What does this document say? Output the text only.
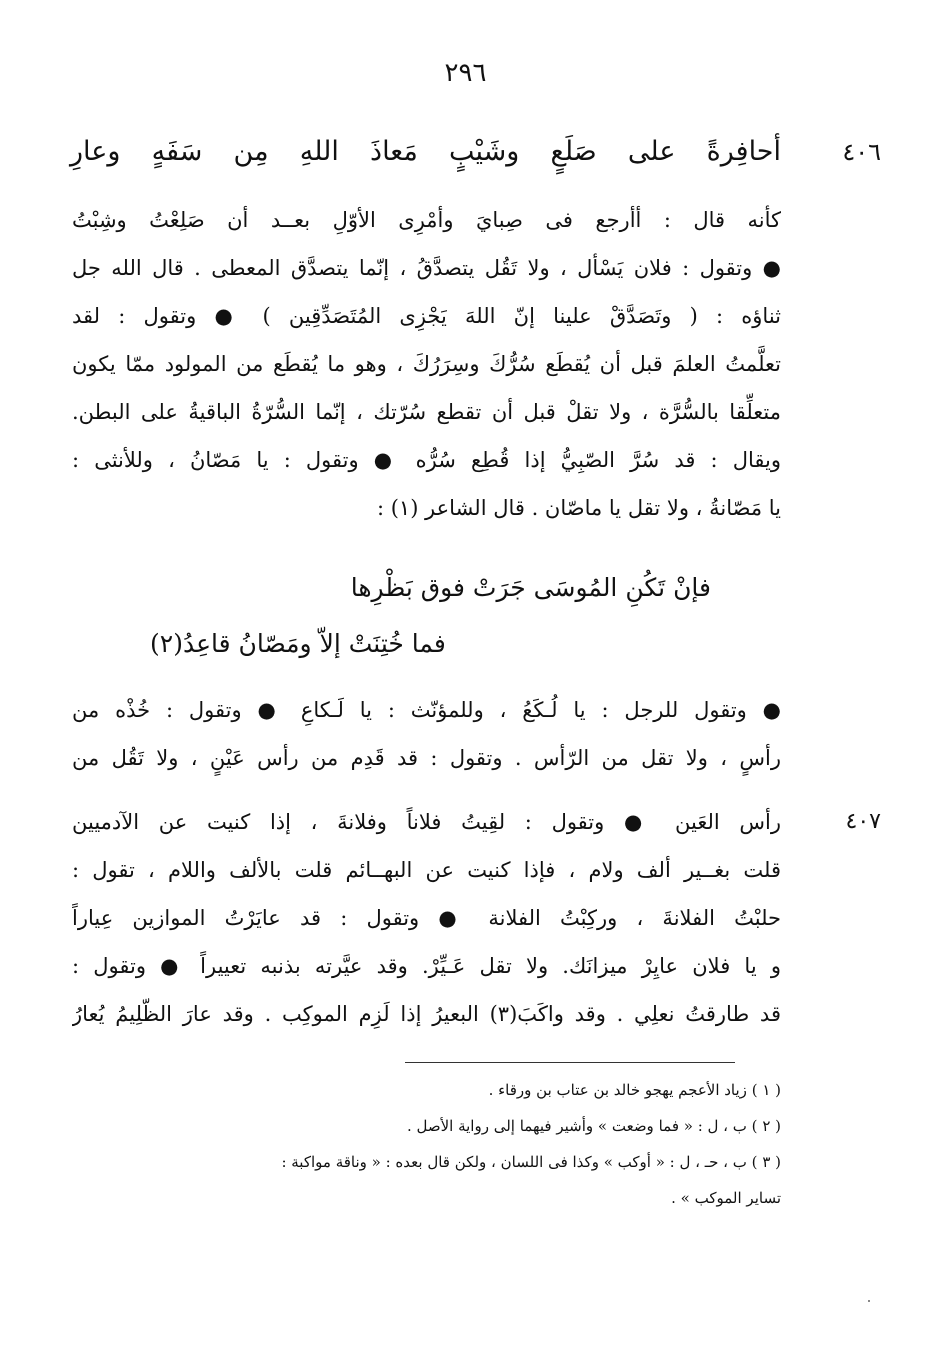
٢٩٦
٤٠٦
أحافِرةً على صَلَعٍ وشَيْبٍ مَعاذَ اللهِ مِن سَفَهٍ وعارِ
كأنه قال : أأرجع فى صِبايَ وأمْرِى الأوّلِ بعــد أن صَلِعْتُ وشِبْتُ
● وتقول : فلان يَسْأل ، ولا تَقُل يتصدَّقُ ، إنّما يتصدَّق المعطى . قال الله جل
ثناؤه : ( وتَصَدَّقْ علينا إنّ اللهَ يَجْزِى المُتَصَدِّقِين ) ● وتقول : لقد
تعلَّمتُ العلمَ قبل أن يُقطَع سُرُّكَ وسِرَرُكَ ، وهو ما يُقطَع من المولود ممّا يكون
متعلِّقا بالسُّرَّة ، ولا تقلْ قبل أن تقطع سُرّتك ، إنّما السُّرّةُ الباقيةُ على البطن.
ويقال : قد سُرَّ الصّبِيُّ إذا قُطِع سُرُّه ● وتقول : يا مَصّانُ ، وللأنثى :
يا مَصّانةُ ، ولا تقل يا ماصّان . قال الشاعر (١) :
فإنْ تَكُنِ المُوسَى جَرَتْ فوق بَظْرِها
فما خُتِنَتْ إلاّ ومَصّانُ قاعِدُ(٢)
● وتقول للرجل : يا لُـكَعُ ، وللمؤنّث : يا لَـكاعِ ● وتقول : خُذْه من
رأسٍ ، ولا تقل من الرّأس . وتقول : قد قَدِم من رأس عَيْنٍ ، ولا تَقُل من
٤٠٧
رأس العَين ● وتقول : لقِيتُ فلاناً وفلانةَ ، إذا كنيت عن الآدميين
قلت بغــير ألف ولام ، فإذا كنيت عن البهــائم قلت بالألف واللام ، تقول :
حلبْتُ الفلانةَ ، وركِبْتُ الفلانة ● وتقول : قد عايَرْتُ الموازين عِياراً
و يا فلان عايِرْ ميزانَك. ولا تقل عَـيِّرْ. وقد عيَّرته بذنبه تعييراً ● وتقول :
قد طارقتُ نعلِي . وقد واكَبَ(٣) البعيرُ إذا لَزِم الموكِب . وقد عارَ الظّلِيمُ يُعارُ
( ١ ) زياد الأعجم يهجو خالد بن عتاب بن ورقاء .
( ٢ ) ب ، ل : « فما وضعت » وأشير فيهما إلى رواية الأصل .
( ٣ ) ب ، حـ ، ل : « أوكب » وكذا فى اللسان ، ولكن قال بعده : « وناقة مواكبة :
تساير الموكب » .
